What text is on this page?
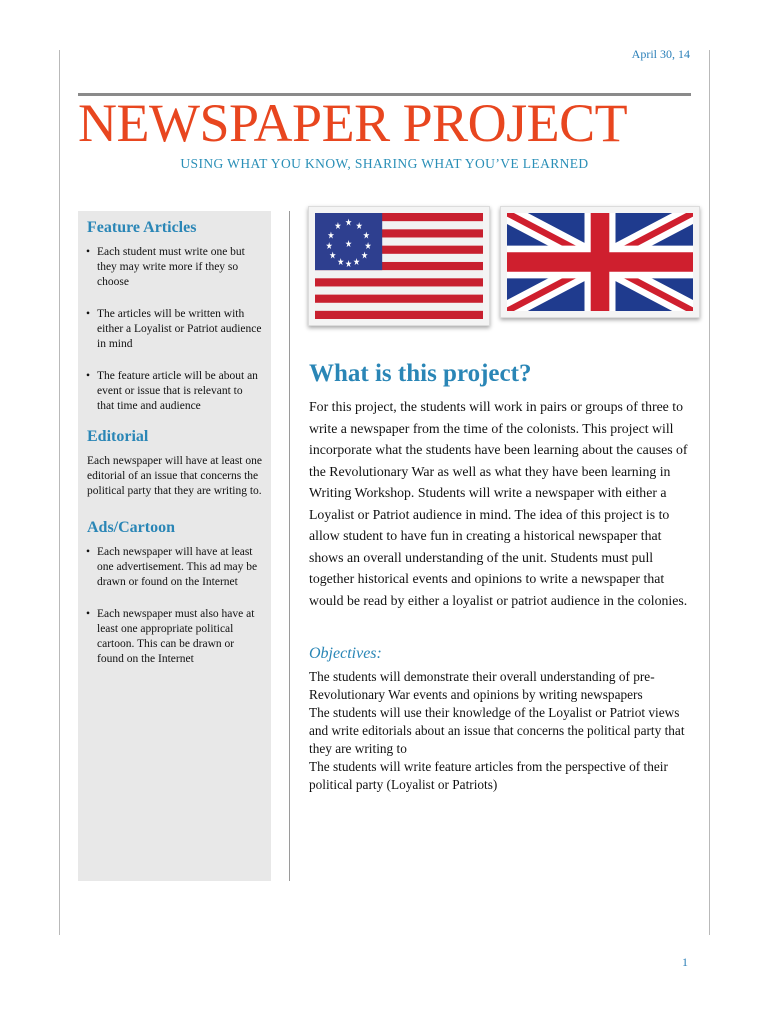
April 30, 14
NEWSPAPER PROJECT
USING WHAT YOU KNOW, SHARING WHAT YOU’VE LEARNED
Feature Articles
• Each student must write one but they may write more if they so choose
• The articles will be written with either a Loyalist or Patriot audience in mind
• The feature article will be about an event or issue that is relevant to that time and audience
Editorial

Each newspaper will have at least one editorial of an issue that concerns the political party that they are writing to.

Ads/Cartoon
• Each newspaper will have at least one advertisement. This ad may be drawn or found on the Internet
• Each newspaper must also have at least one appropriate political cartoon. This can be drawn or found on the Internet
★ ★
★
★
★
★
★
★
★
★
★
★
★
What is this project?

For this project, the students will work in pairs or groups of three to write a newspaper from the time of the colonists. This project will incorporate what the students have been learning about the causes of the Revolutionary War as well as what they have been learning in Writing Workshop. Students will write a newspaper with either a Loyalist or Patriot audience in mind. The idea of this project is to allow student to have fun in creating a historical newspaper that shows an overall understanding of the unit. Students must pull together historical events and opinions to write a newspaper that would be read by either a loyalist or patriot audience in the colonies.

Objectives:
The students will demonstrate their overall understanding of pre-Revolutionary War events and opinions by writing newspapers
The students will use their knowledge of the Loyalist or Patriot views and write editorials about an issue that concerns the political party that they are writing to
The students will write feature articles from the perspective of their political party (Loyalist or Patriots)
1
